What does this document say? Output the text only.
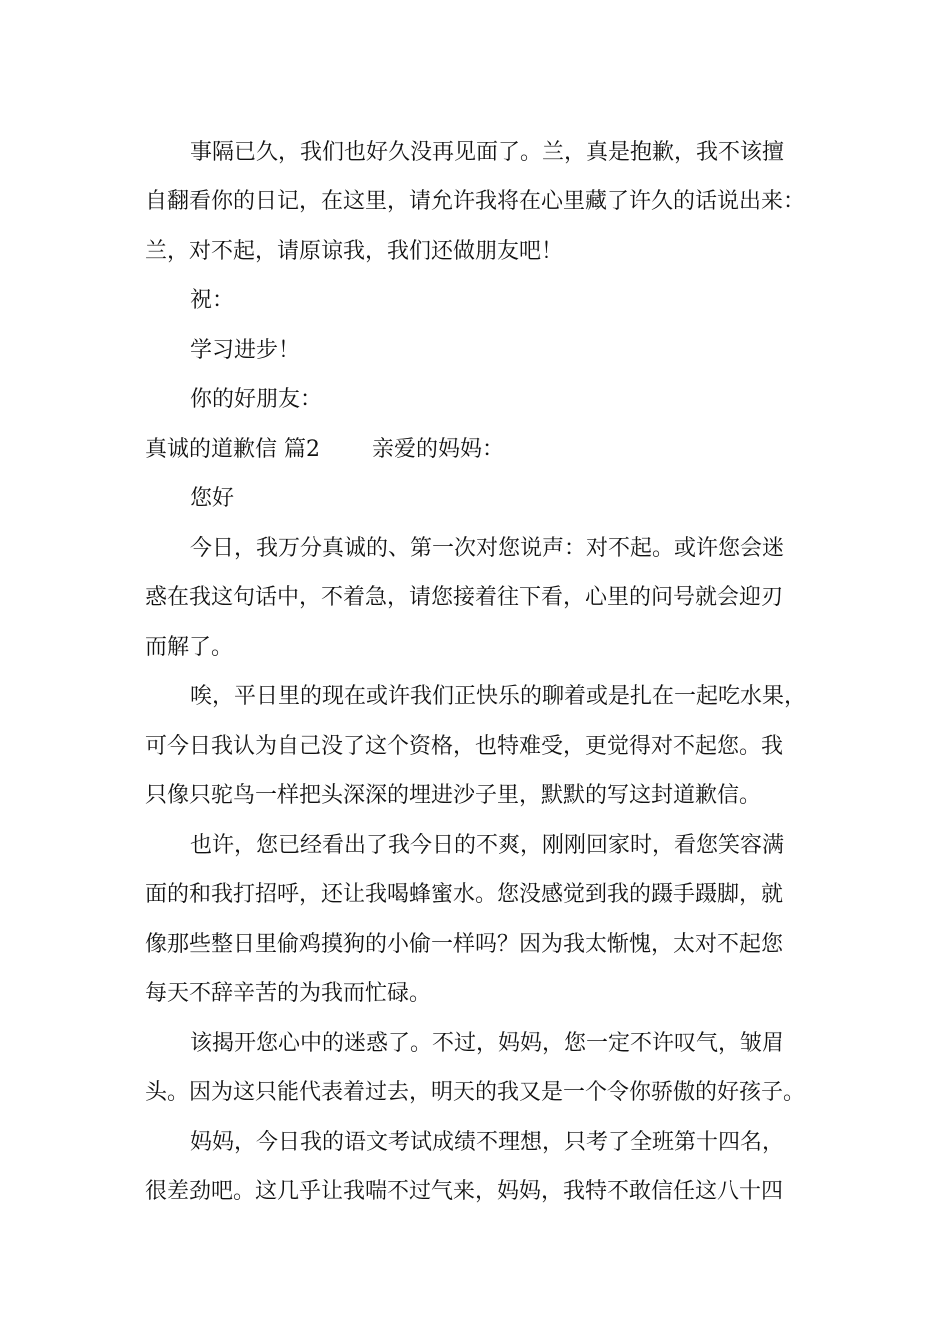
事隔已久，我们也好久没再见面了。兰，真是抱歉，我不该擅
自翻看你的日记，在这里，请允许我将在心里藏了许久的话说出来：
兰，对不起，请原谅我，我们还做朋友吧！
祝：
学习进步！
你的好朋友：
真诚的道歉信 篇2 亲爱的妈妈：
您好
今日，我万分真诚的、第一次对您说声：对不起。或许您会迷
惑在我这句话中，不着急，请您接着往下看，心里的问号就会迎刃
而解了。
唉，平日里的现在或许我们正快乐的聊着或是扎在一起吃水果，
可今日我认为自己没了这个资格，也特难受，更觉得对不起您。我
只像只驼鸟一样把头深深的埋进沙子里，默默的写这封道歉信。
也许，您已经看出了我今日的不爽，刚刚回家时，看您笑容满
面的和我打招呼，还让我喝蜂蜜水。您没感觉到我的蹑手蹑脚，就
像那些整日里偷鸡摸狗的小偷一样吗？因为我太惭愧，太对不起您
每天不辞辛苦的为我而忙碌。
该揭开您心中的迷惑了。不过，妈妈，您一定不许叹气，皱眉
头。因为这只能代表着过去，明天的我又是一个令你骄傲的好孩子。
妈妈，今日我的语文考试成绩不理想，只考了全班第十四名，
很差劲吧。这几乎让我喘不过气来，妈妈，我特不敢信任这八十四
